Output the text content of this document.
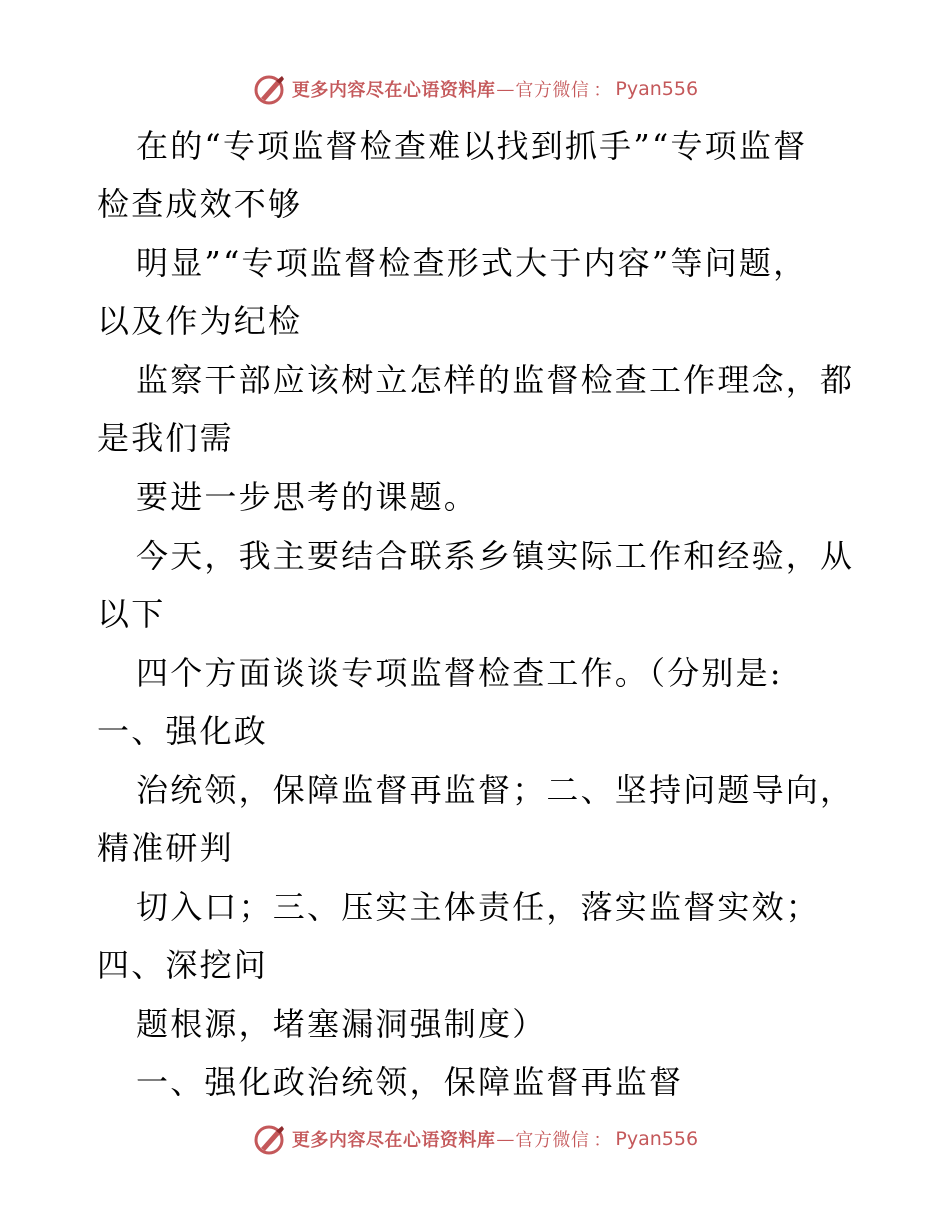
更多内容尽在心语资料库 — 官方微信 ： Pyan556
在的“专项监督检查难以找到抓手”“专项监督
检查成效不够
明显”“专项监督检查形式大于内容”等问题，
以及作为纪检
监察干部应该树立怎样的监督检查工作理念，都
是我们需
要进一步思考的课题。
今天，我主要结合联系乡镇实际工作和经验，从
以下
四个方面谈谈专项监督检查工作。（分别是:
一、强化政
治统领，保障监督再监督；二、坚持问题导向，
精准研判
切入口；三、压实主体责任，落实监督实效；
四、深挖问
题根源，堵塞漏洞强制度）
一、强化政治统领，保障监督再监督
更多内容尽在心语资料库 — 官方微信 ： Pyan556
